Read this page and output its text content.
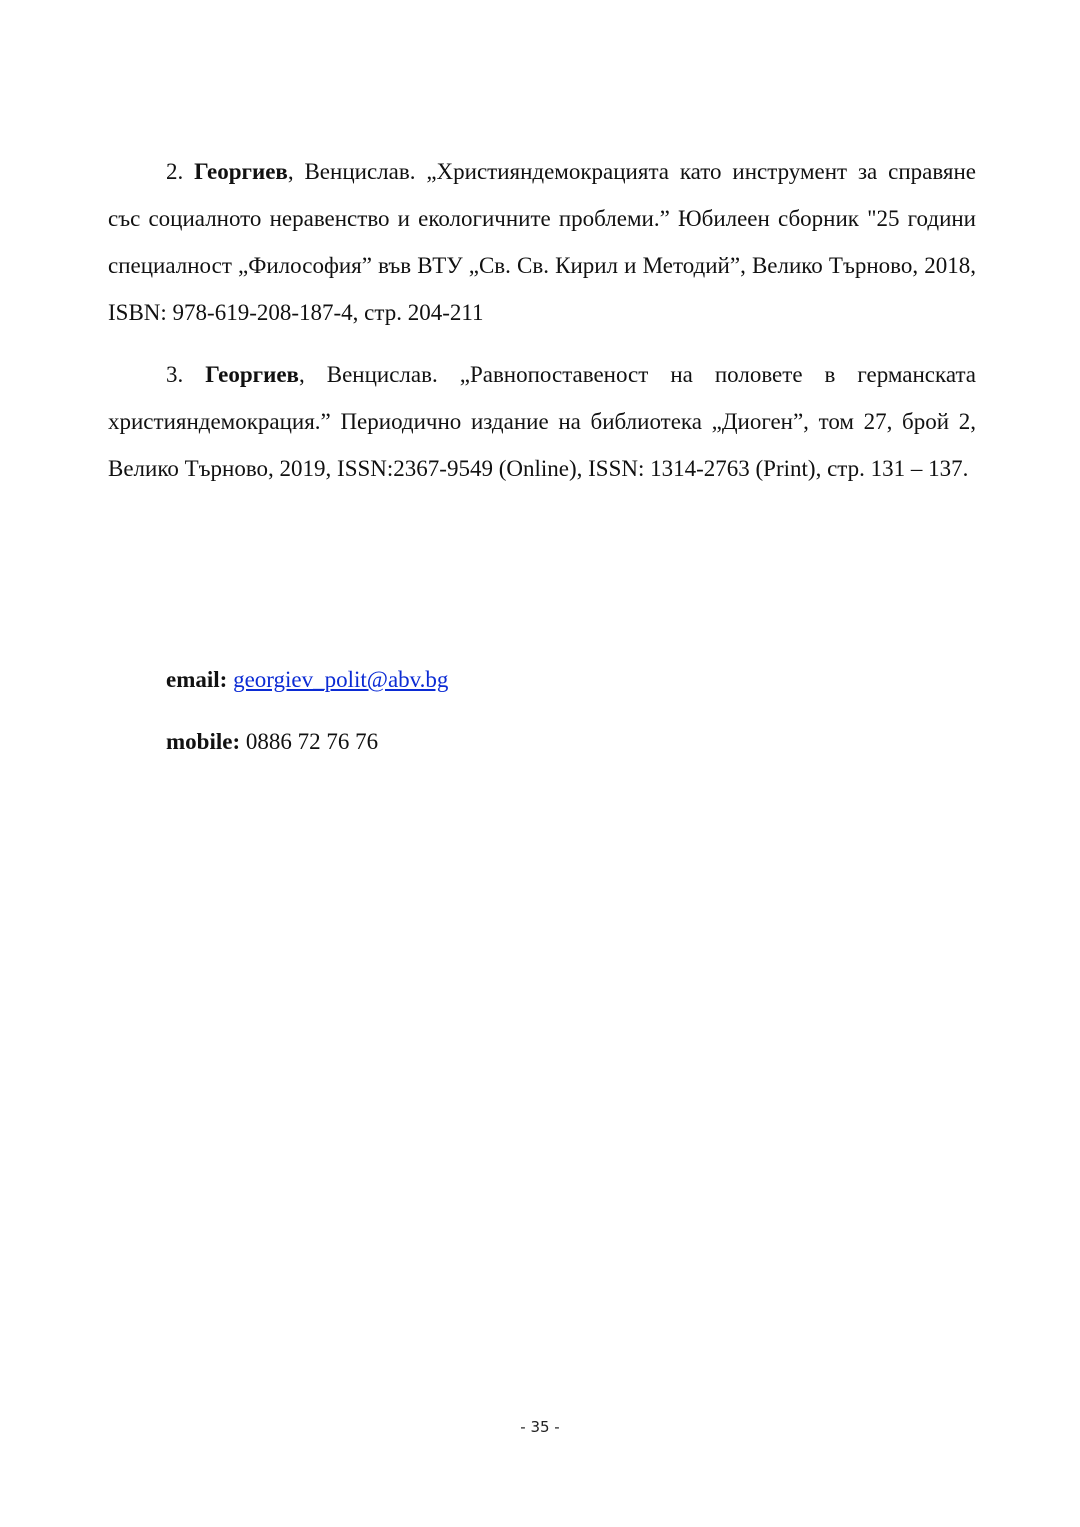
2. Георгиев, Венцислав. „Християндемокрацията като инструмент за справяне със социалното неравенство и екологичните проблеми.” Юбилеен сборник "25 години специалност „Философия” във ВТУ „Св. Св. Кирил и Методий”, Велико Търново, 2018, ISBN: 978-619-208-187-4, стр. 204-211

3. Георгиев, Венцислав. „Равнопоставеност на половете в германската християндемокрация.” Периодично издание на библиотека „Диоген”, том 27, брой 2, Велико Търново, 2019, ISSN:2367-9549 (Online), ISSN: 1314-2763 (Print), стр. 131 – 137.

email: georgiev_polit@abv.bg
mobile: 0886 72 76 76
- 35 -
